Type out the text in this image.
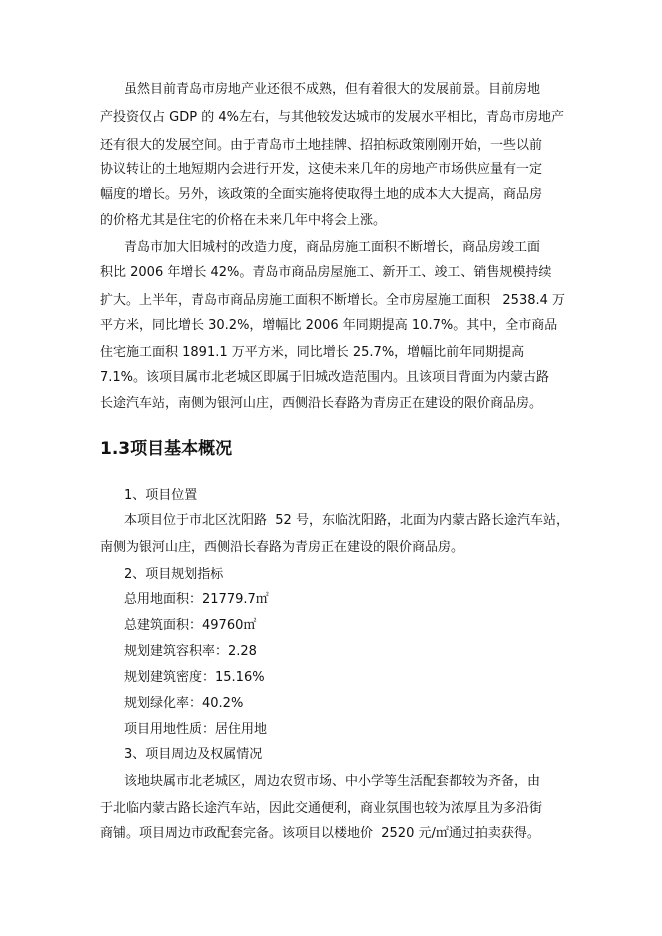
虽然目前青岛市房地产业还很不成熟，但有着很大的发展前景。目前房地
产投资仅占 GDP 的 4%左右，与其他较发达城市的发展水平相比，青岛市房地产
还有很大的发展空间。由于青岛市土地挂牌、招拍标政策刚刚开始，一些以前
协议转让的土地短期内会进行开发，这使未来几年的房地产市场供应量有一定
幅度的增长。另外，该政策的全面实施将使取得土地的成本大大提高，商品房
的价格尤其是住宅的价格在未来几年中将会上涨。
青岛市加大旧城村的改造力度，商品房施工面积不断增长，商品房竣工面
积比 2006 年增长 42%。青岛市商品房屋施工、新开工、竣工、销售规模持续
扩大。上半年，青岛市商品房施工面积不断增长。全市房屋施工面积   2538.4 万
平方米，同比增长 30.2%，增幅比 2006 年同期提高 10.7%。其中，全市商品
住宅施工面积 1891.1 万平方米，同比增长 25.7%，增幅比前年同期提高
7.1%。该项目属市北老城区即属于旧城改造范围内。且该项目背面为内蒙古路
长途汽车站，南侧为银河山庄，西侧沿长春路为青房正在建设的限价商品房。
1.3项目基本概况
1、项目位置
本项目位于市北区沈阳路  52 号，东临沈阳路，北面为内蒙古路长途汽车站，
南侧为银河山庄，西侧沿长春路为青房正在建设的限价商品房。
2、项目规划指标
总用地面积：21779.7㎡
总建筑面积：49760㎡
规划建筑容积率：2.28
规划建筑密度：15.16%
规划绿化率：40.2%
项目用地性质：居住用地
3、项目周边及权属情况
该地块属市北老城区，周边农贸市场、中小学等生活配套都较为齐备，由
于北临内蒙古路长途汽车站，因此交通便利，商业氛围也较为浓厚且为多沿街
商铺。项目周边市政配套完备。该项目以楼地价  2520 元/㎡通过拍卖获得。
